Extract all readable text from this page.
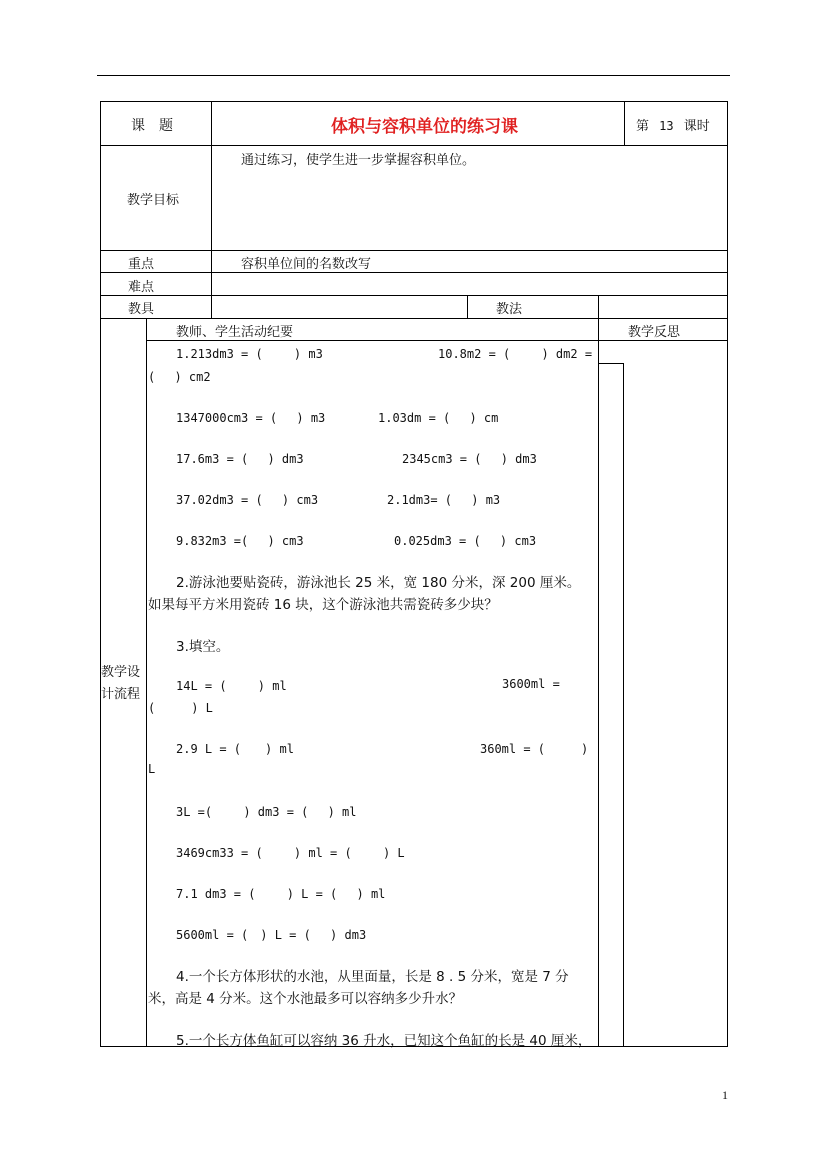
课　题	体积与容积单位的练习课	第 13 课时
教学目标
通过练习，使学生进一步掌握容积单位。
重点	容积单位间的名数改写
难点
教具	教法
教学设
计流程
教师、学生活动纪要	教学反思
1.213dm3 = (　　 ) m3	10.8m2 = (　　 ) dm2 =
(　 ) cm2
1347000cm3 = (　 ) m3	1.03dm = (　 ) cm
17.6m3 = (　 ) dm3	2345cm3 = (　 ) dm3
37.02dm3 = (　 ) cm3	2.1dm3= (　 ) m3
9.832m3 =(　 ) cm3	0.025dm3 = (　 ) cm3
2.游泳池要贴瓷砖，游泳池长 25 米，宽 180 分米，深 200 厘米。
如果每平方米用瓷砖 16 块，这个游泳池共需瓷砖多少块？
3.填空。
14L = (　　 ) ml	3600ml =
(　　　) L
2.9 L = (　　) ml	360ml = (　　　)
L
3L =(　　 ) dm3 = (　 ) ml
3469cm33 = (　　 ) ml = (　　 ) L
7.1 dm3 = (　　 ) L = (　 ) ml
5600ml = (　) L = (　 ) dm3
4.一个长方体形状的水池，从里面量，长是 8 . 5 分米，宽是 7 分
米，高是 4 分米。这个水池最多可以容纳多少升水？
5.一个长方体鱼缸可以容纳 36 升水，已知这个鱼缸的长是 40 厘米，
1
